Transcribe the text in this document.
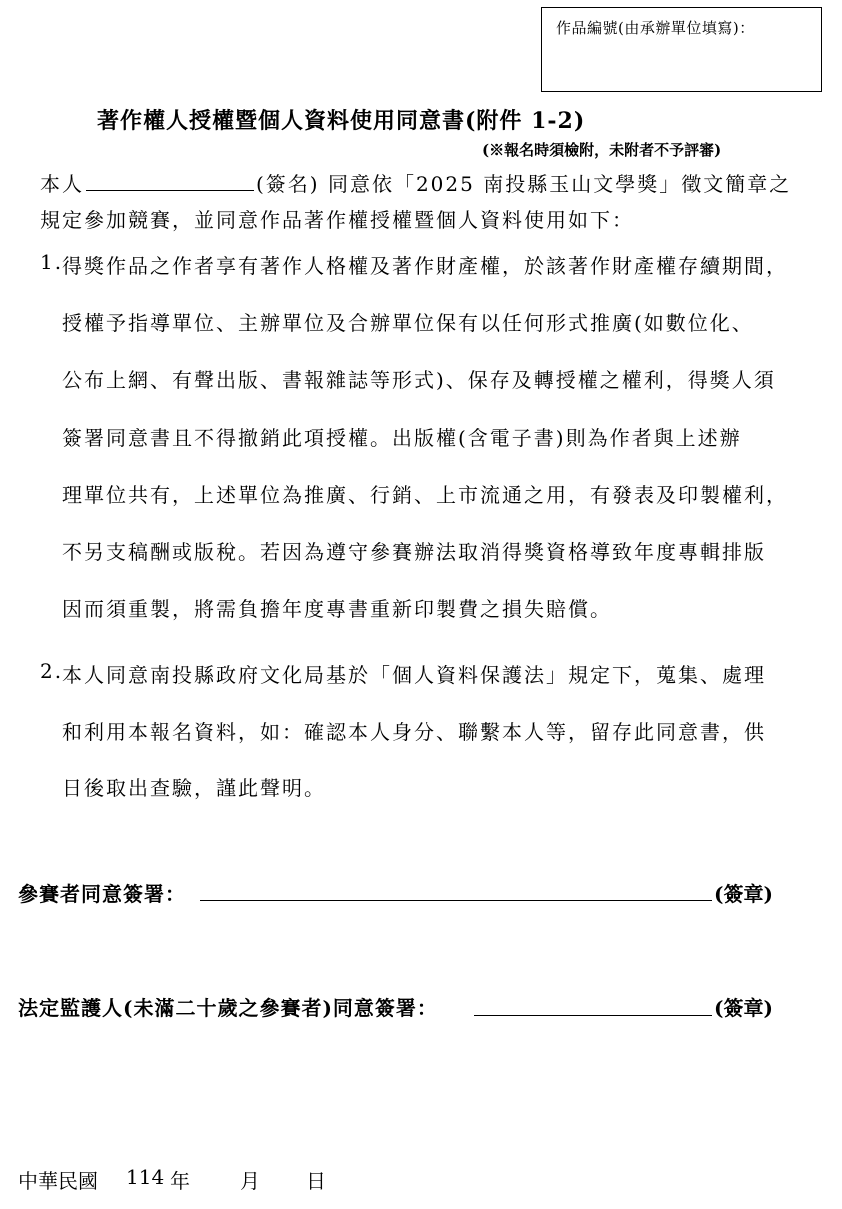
作品編號(由承辦單位填寫)：
著作權人授權暨個人資料使用同意書(附件 1-2)
(※報名時須檢附，未附者不予評審)
本人	(簽名) 同意依「2025 南投縣玉山文學獎」徵文簡章之
規定參加競賽，並同意作品著作權授權暨個人資料使用如下：
1.
得獎作品之作者享有著作人格權及著作財產權，於該著作財產權存續期間，
授權予指導單位、主辦單位及合辦單位保有以任何形式推廣(如數位化、
公布上網、有聲出版、書報雜誌等形式)、保存及轉授權之權利，得獎人須
簽署同意書且不得撤銷此項授權。出版權(含電子書)則為作者與上述辦
理單位共有，上述單位為推廣、行銷、上市流通之用，有發表及印製權利，
不另支稿酬或版稅。若因為遵守參賽辦法取消得獎資格導致年度專輯排版
因而須重製，將需負擔年度專書重新印製費之損失賠償。
2.
本人同意南投縣政府文化局基於「個人資料保護法」規定下，蒐集、處理
和利用本報名資料，如：確認本人身分、聯繫本人等，留存此同意書，供
日後取出查驗，謹此聲明。
參賽者同意簽署：	(簽章)
法定監護人(未滿二十歲之參賽者)同意簽署：	(簽章)
中華民國 114 年	月 日
